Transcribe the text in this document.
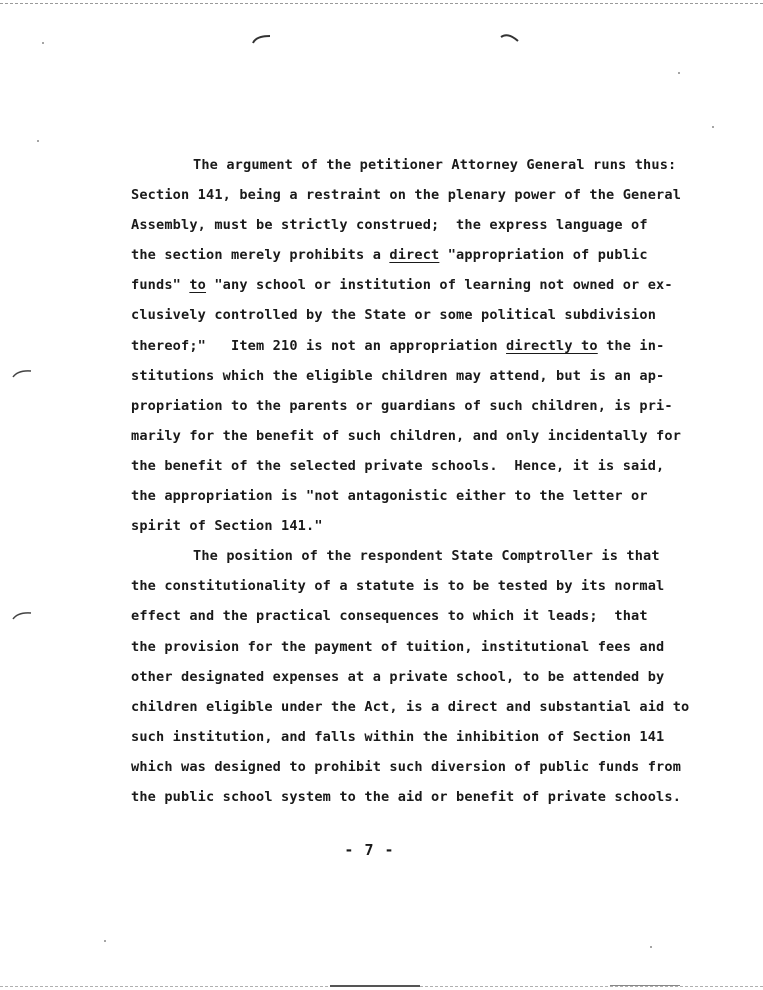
The argument of the petitioner Attorney General runs thus:
Section 141, being a restraint on the plenary power of the General
Assembly, must be strictly construed;  the express language of
the section merely prohibits a direct "appropriation of public
funds" to "any school or institution of learning not owned or ex-
clusively controlled by the State or some political subdivision
thereof;"   Item 210 is not an appropriation directly to the in-
stitutions which the eligible children may attend, but is an ap-
propriation to the parents or guardians of such children, is pri-
marily for the benefit of such children, and only incidentally for
the benefit of the selected private schools.  Hence, it is said,
the appropriation is "not antagonistic either to the letter or
spirit of Section 141."
The position of the respondent State Comptroller is that
the constitutionality of a statute is to be tested by its normal
effect and the practical consequences to which it leads;  that
the provision for the payment of tuition, institutional fees and
other designated expenses at a private school, to be attended by
children eligible under the Act, is a direct and substantial aid to
such institution, and falls within the inhibition of Section 141
which was designed to prohibit such diversion of public funds from
the public school system to the aid or benefit of private schools.
- 7 -
